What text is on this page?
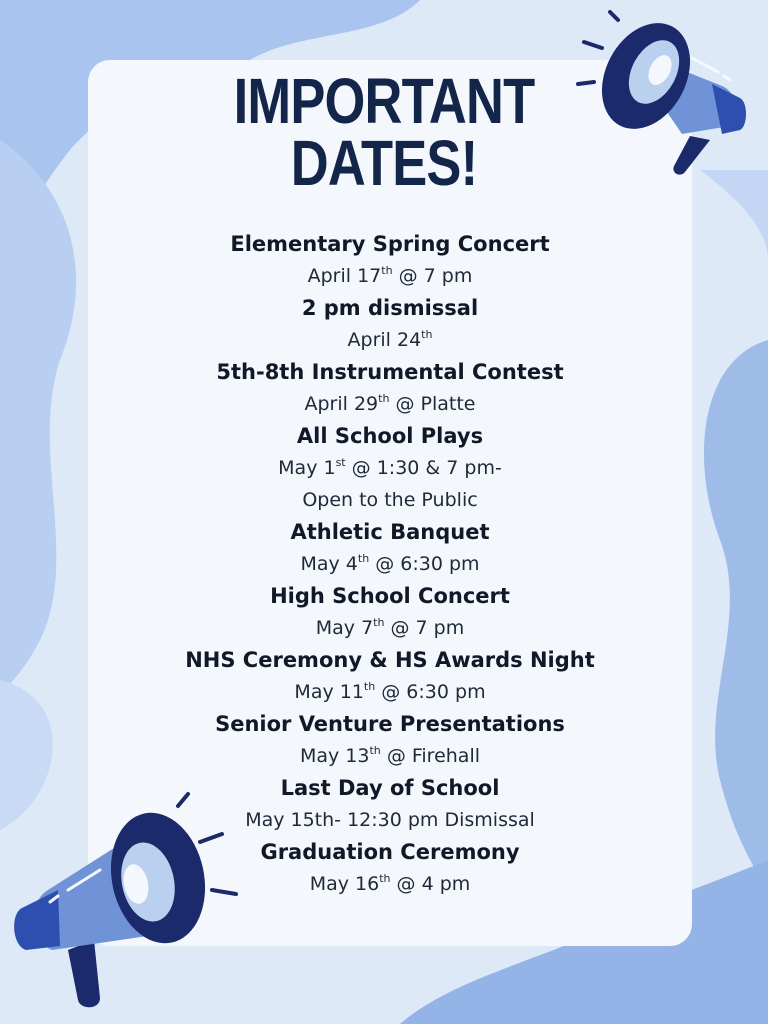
IMPORTANT
DATES!
Elementary Spring Concert
April 17th @ 7 pm
2 pm dismissal
April 24th
5th-8th Instrumental Contest
April 29th @ Platte
All School Plays
May 1st @ 1:30 & 7 pm-
Open to the Public
Athletic Banquet
May 4th @ 6:30 pm
High School Concert
May 7th @ 7 pm
NHS Ceremony & HS Awards Night
May 11th @ 6:30 pm
Senior Venture Presentations
May 13th @ Firehall
Last Day of School
May 15th- 12:30 pm Dismissal
Graduation Ceremony
May 16th @ 4 pm
